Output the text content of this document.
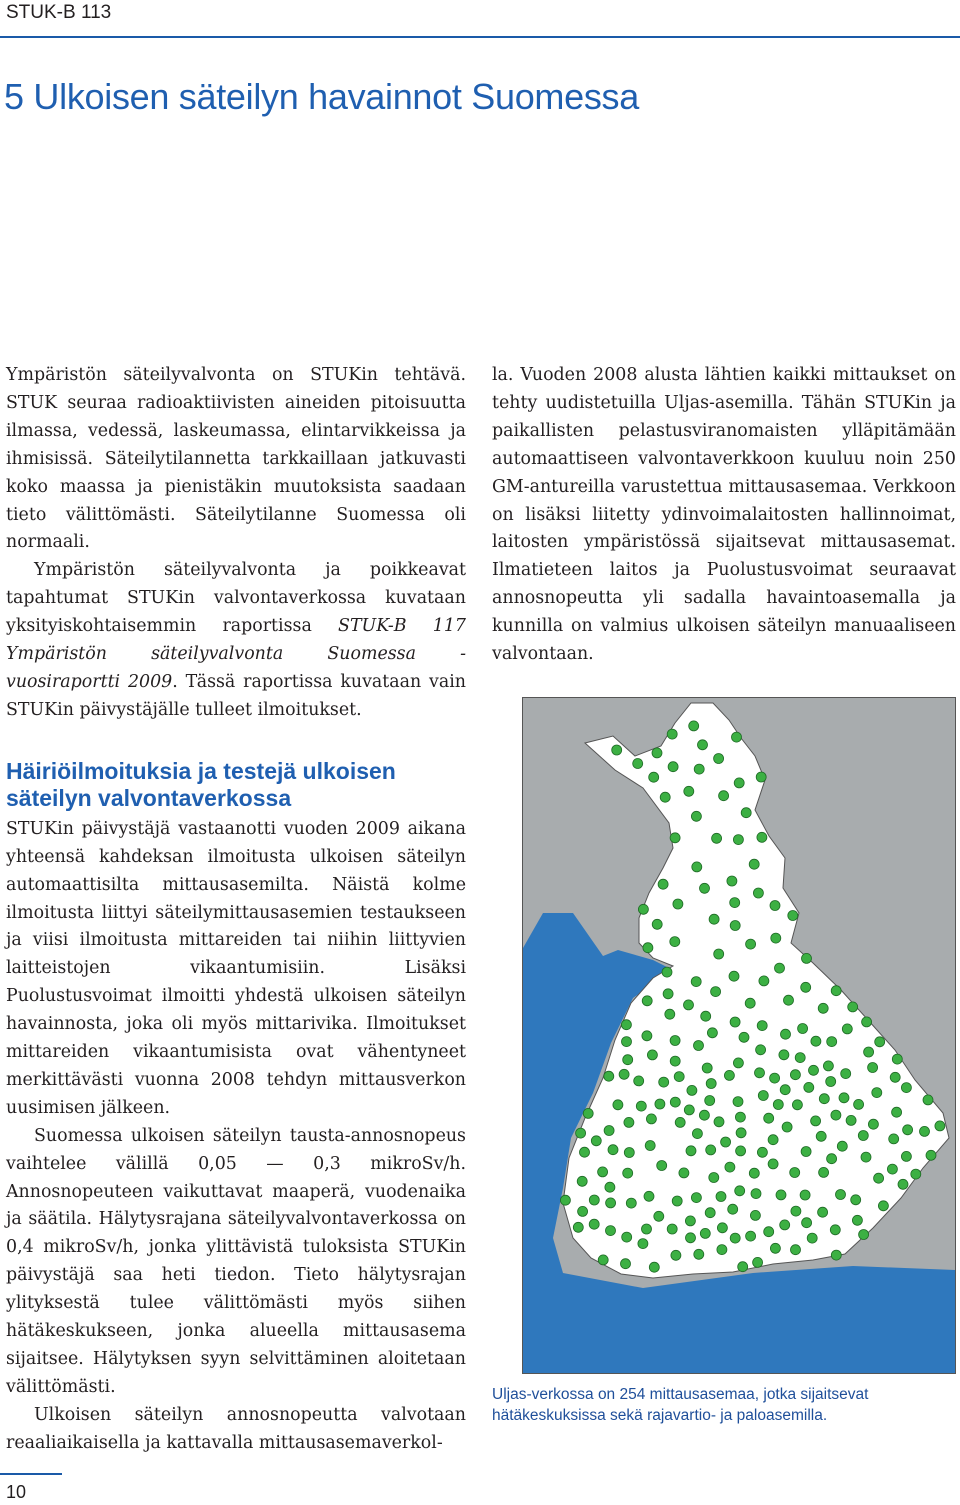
STUK-B 113
5 Ulkoisen säteilyn havainnot Suomessa

Ympäristön säteilyvalvonta on STUKin tehtävä. STUK seuraa radioaktiivisten aineiden pitoisuutta ilmassa, vedessä, laskeumassa, elintarvikkeissa ja ihmisissä. Säteilytilannetta tarkkaillaan jatkuvasti koko maassa ja pienistäkin muutoksista saadaan tieto välittömästi. Säteilytilanne Suomessa oli normaali.

Ympäristön säteilyvalvonta ja poikkeavat tapahtumat STUKin valvontaverkossa kuvataan yksityiskohtaisemmin raportissa STUK-B 117 Ympäristön säteilyvalvonta Suomessa - vuosiraportti 2009. Tässä raportissa kuvataan vain STUKin päivystäjälle tulleet ilmoitukset.

Häiriöilmoituksia ja testejä ulkoisen säteilyn valvontaverkossa

STUKin päivystäjä vastaanotti vuoden 2009 aikana yhteensä kahdeksan ilmoitusta ulkoisen säteilyn automaattisilta mittausasemilta. Näistä kolme ilmoitusta liittyi säteilymittausasemien testaukseen ja viisi ilmoitusta mittareiden tai niihin liittyvien laitteistojen vikaantumisiin. Lisäksi Puolustusvoimat ilmoitti yhdestä ulkoisen säteilyn havainnosta, joka oli myös mittarivika. Ilmoitukset mittareiden vikaantumisista ovat vähentyneet merkittävästi vuonna 2008 tehdyn mittausverkon uusimisen jälkeen.

Suomessa ulkoisen säteilyn tausta-annosnopeus vaihtelee välillä 0,05 — 0,3 mikroSv/h. Annosnopeuteen vaikuttavat maaperä, vuodenaika ja säätila. Hälytysrajana säteilyvalvontaverkossa on 0,4 mikroSv/h, jonka ylittävistä tuloksista STUKin päivystäjä saa heti tiedon. Tieto hälytysrajan ylityksestä tulee välittömästi myös siihen hätäkeskukseen, jonka alueella mittausasema sijaitsee. Hälytyksen syyn selvittäminen aloitetaan välittömästi.

Ulkoisen säteilyn annosnopeutta valvotaan reaaliaikaisella ja kattavalla mittausasemaverkol-

la. Vuoden 2008 alusta lähtien kaikki mittaukset on tehty uudistetuilla Uljas-asemilla. Tähän STUKin ja paikallisten pelastusviranomaisten ylläpitämään automaattiseen valvontaverkkoon kuuluu noin 250 GM-antureilla varustettua mittausasemaa. Verkkoon on lisäksi liitetty ydinvoimalaitosten hallinnoimat, laitosten ympäristössä sijaitsevat mittausasemat. Ilmatieteen laitos ja Puolustusvoimat seuraavat annosnopeutta yli sadalla havaintoasemalla ja kunnilla on valmius ulkoisen säteilyn manuaaliseen valvontaan.

Uljas-verkossa on 254 mittausasemaa, jotka sijaitsevat hätäkeskuksissa sekä rajavartio- ja paloasemilla.
10
